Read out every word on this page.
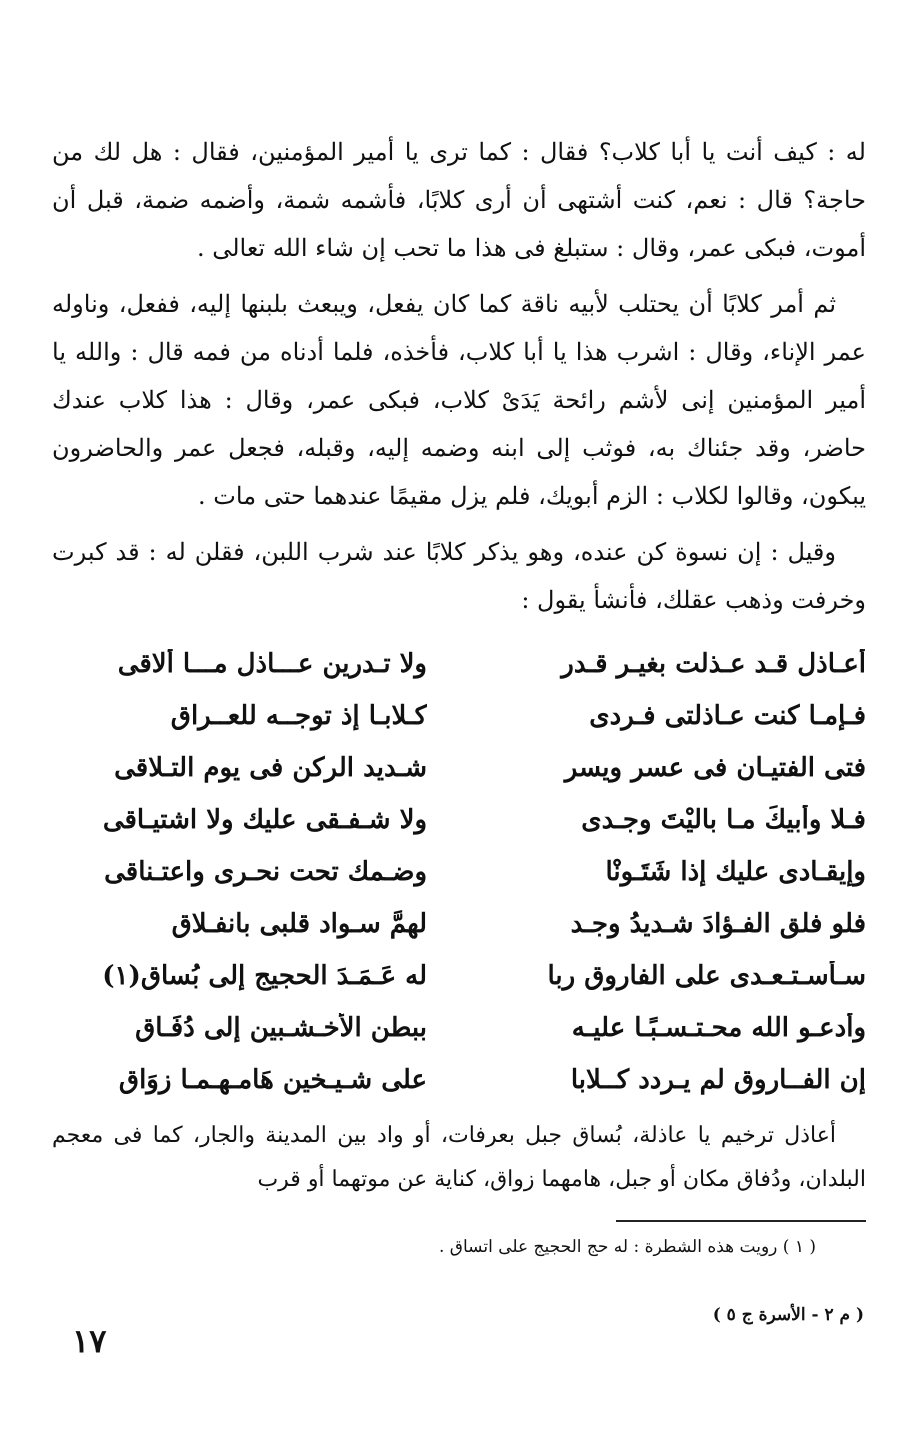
له : كيف أنت يا أبا كلاب؟ فقال : كما ترى يا أمير المؤمنين، فقال : هل لك من حاجة؟ قال : نعم، كنت أشتهى أن أرى كلابًا، فأشمه شمة، وأضمه ضمة، قبل أن أموت، فبكى عمر، وقال : ستبلغ فى هذا ما تحب إن شاء الله تعالى .

ثم أمر كلابًا أن يحتلب لأبيه ناقة كما كان يفعل، ويبعث بلبنها إليه، ففعل، وناوله عمر الإناء، وقال : اشرب هذا يا أبا كلاب، فأخذه، فلما أدناه من فمه قال : والله يا أمير المؤمنين إنى لأشم رائحة يَدَىْ كلاب، فبكى عمر، وقال : هذا كلاب عندك حاضر، وقد جئناك به، فوثب إلى ابنه وضمه إليه، وقبله، فجعل عمر والحاضرون يبكون، وقالوا لكلاب : الزم أبويك، فلم يزل مقيمًا عندهما حتى مات .

وقيل : إن نسوة كن عنده، وهو يذكر كلابًا عند شرب اللبن، فقلن له : قد كبرت وخرفت وذهب عقلك، فأنشأ يقول :

أعـاذل قـد عـذلت بغيـر قـدر
ولا تـدرين عـــاذل مـــا ألاقى
فـإمـا كنت عـاذلتى فـردى
كـلابـا إذ توجــه للعــراق
فتى الفتيـان فى عسر ويسر
شـديد الركن فى يوم التـلاقى
فـلا وأبيكَ مـا باليْتَ وجـدى
ولا شـفـقى عليك ولا اشتيـاقى
وإيقـادى عليك إذا شَتَـونْا
وضـمك تحت نحـرى واعتـناقى
فلو فلق الفـؤادَ شـديدُ وجـد
لهمَّ سـواد قلبى بانفـلاق
سـأسـتـعـدى على الفاروق ربا
له عَـمَـدَ الحجيج إلى بُساق(١)
وأدعـو الله محـتـسـبًـا عليـه
ببطن الأخـشـبين إلى دُفَـاق
إن الفــاروق لم يـردد كــلابا
على شـيـخين هَامـهـمـا زوَاق

أعاذل ترخيم يا عاذلة، بُساق جبل بعرفات، أو واد بين المدينة والجار، كما فى معجم البلدان، ودُفاق مكان أو جبل، هامهما زواق، كناية عن موتهما أو قرب

( ١ ) رويت هذه الشطرة : له حج الحجيج على اتساق .
( م ٢ - الأسرة ج ٥ )
١٧
